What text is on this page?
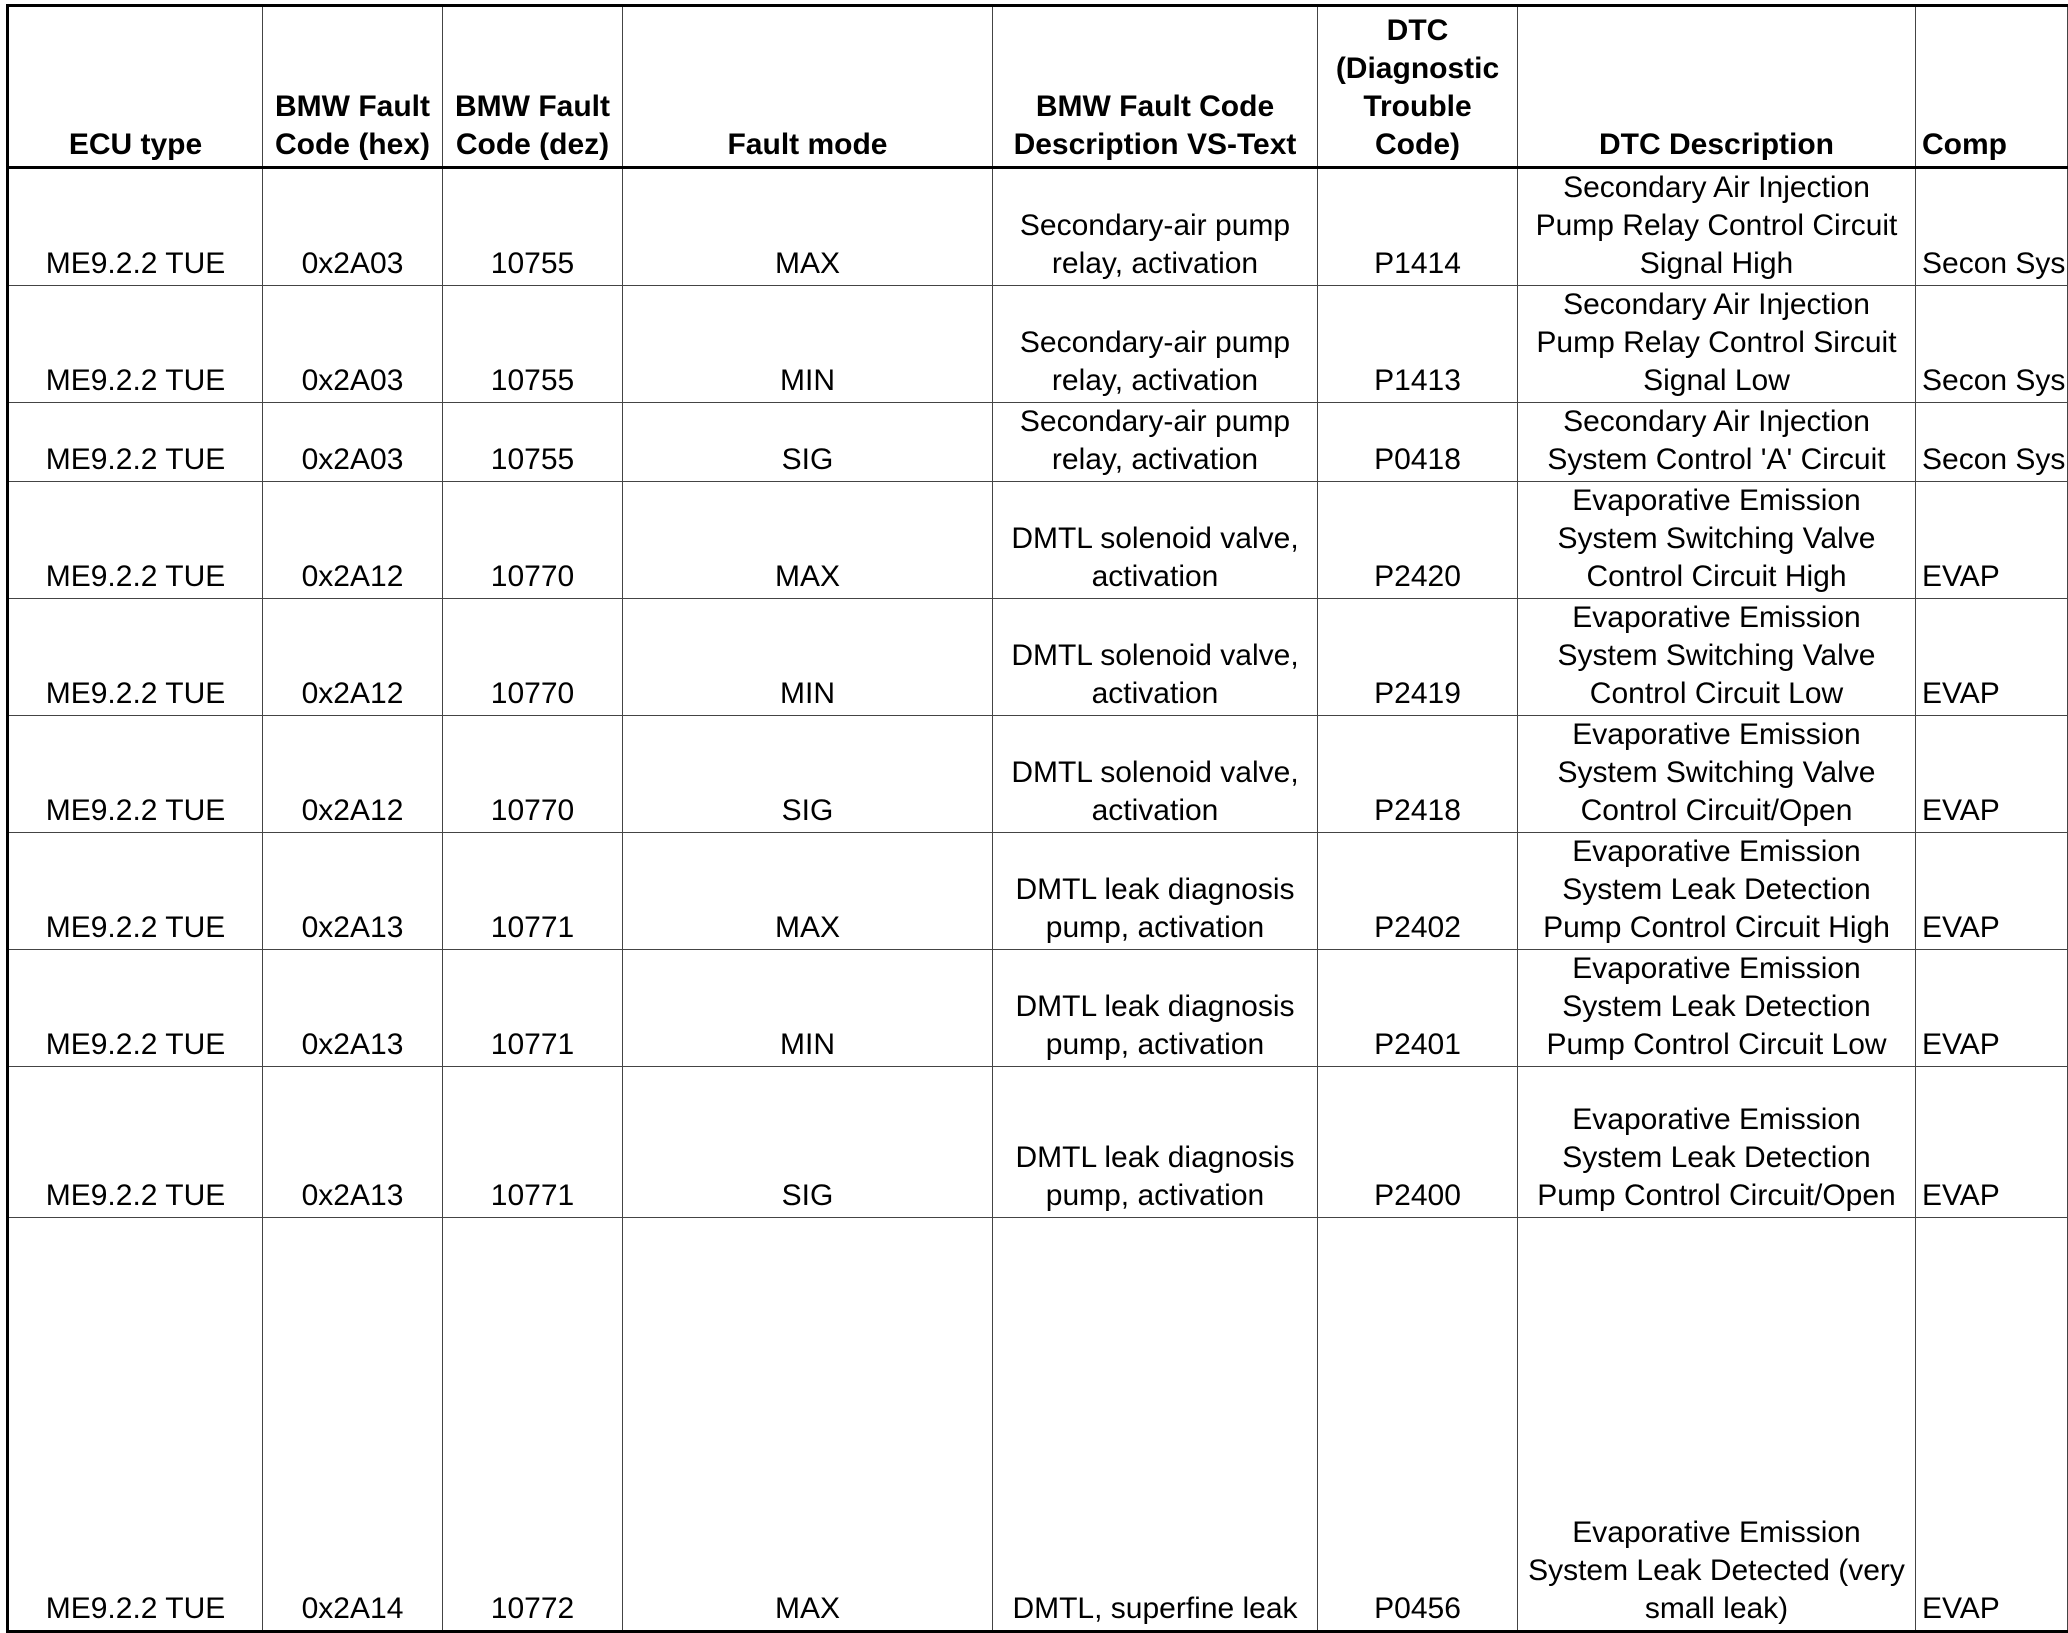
ECU type	BMW Fault Code (hex)	BMW Fault Code (dez)	Fault mode	BMW Fault Code Description VS-Text	DTC (Diagnostic Trouble Code)	DTC Description	Comp
ME9.2.2 TUE	0x2A03	10755	MAX	Secondary-air pump relay, activation	P1414	Secondary Air Injection Pump Relay Control Circuit Signal High	Secon Sys
ME9.2.2 TUE	0x2A03	10755	MIN	Secondary-air pump relay, activation	P1413	Secondary Air Injection Pump Relay Control Sircuit Signal Low	Secon Sys
ME9.2.2 TUE	0x2A03	10755	SIG	Secondary-air pump relay, activation	P0418	Secondary Air Injection System Control 'A' Circuit	Secon Sys
ME9.2.2 TUE	0x2A12	10770	MAX	DMTL solenoid valve, activation	P2420	Evaporative Emission System Switching Valve Control Circuit High	EVAP
ME9.2.2 TUE	0x2A12	10770	MIN	DMTL solenoid valve, activation	P2419	Evaporative Emission System Switching Valve Control Circuit Low	EVAP
ME9.2.2 TUE	0x2A12	10770	SIG	DMTL solenoid valve, activation	P2418	Evaporative Emission System Switching Valve Control Circuit/Open	EVAP
ME9.2.2 TUE	0x2A13	10771	MAX	DMTL leak diagnosis pump, activation	P2402	Evaporative Emission System Leak Detection Pump Control Circuit High	EVAP
ME9.2.2 TUE	0x2A13	10771	MIN	DMTL leak diagnosis pump, activation	P2401	Evaporative Emission System Leak Detection Pump Control Circuit Low	EVAP
ME9.2.2 TUE	0x2A13	10771	SIG	DMTL leak diagnosis pump, activation	P2400	Evaporative Emission System Leak Detection Pump Control Circuit/Open	EVAP
ME9.2.2 TUE	0x2A14	10772	MAX	DMTL, superfine leak	P0456	Evaporative Emission System Leak Detected (very small leak)	EVAP
